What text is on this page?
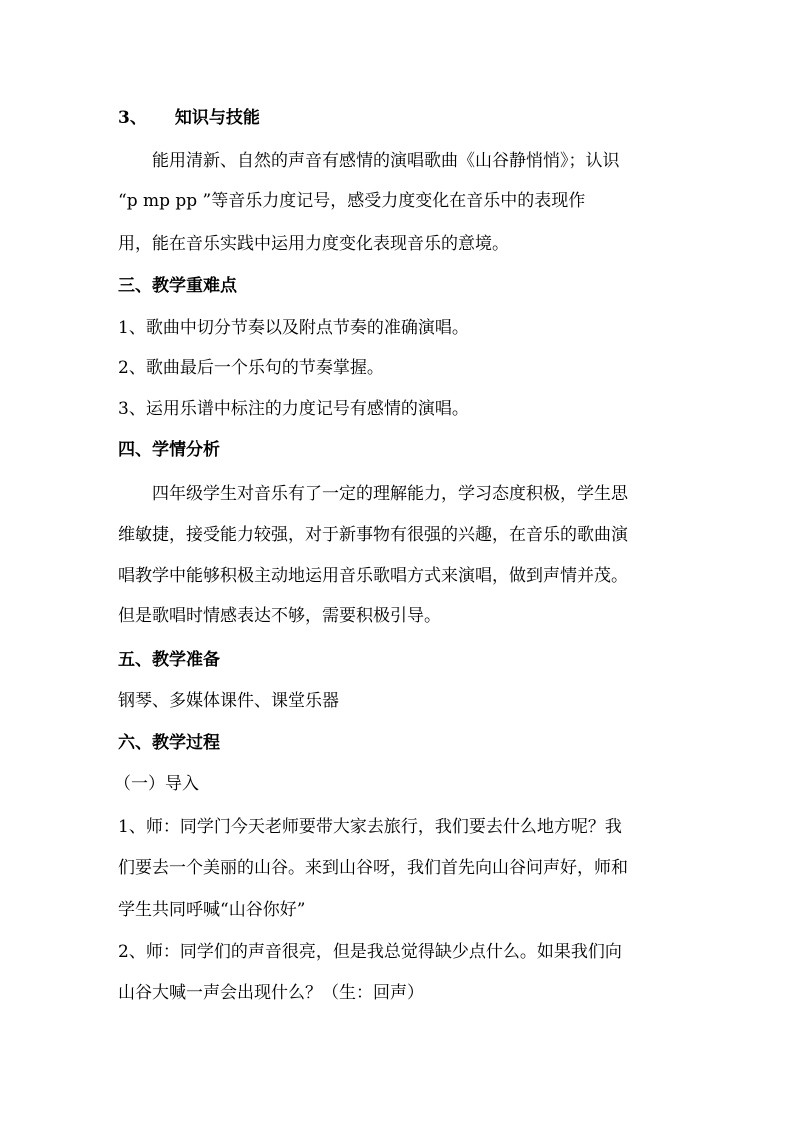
3、 知识与技能
能用清新、自然的声音有感情的演唱歌曲《山谷静悄悄》；认识
“p mp pp ”等音乐力度记号，感受力度变化在音乐中的表现作
用，能在音乐实践中运用力度变化表现音乐的意境。
三、教学重难点
1、歌曲中切分节奏以及附点节奏的准确演唱。
2、歌曲最后一个乐句的节奏掌握。
3、运用乐谱中标注的力度记号有感情的演唱。
四、学情分析
四年级学生对音乐有了一定的理解能力，学习态度积极，学生思
维敏捷，接受能力较强，对于新事物有很强的兴趣，在音乐的歌曲演
唱教学中能够积极主动地运用音乐歌唱方式来演唱，做到声情并茂。
但是歌唱时情感表达不够，需要积极引导。
五、教学准备
钢琴、多媒体课件、课堂乐器
六、教学过程
（一）导入
1、师：同学门今天老师要带大家去旅行，我们要去什么地方呢？我
们要去一个美丽的山谷。来到山谷呀，我们首先向山谷问声好，师和
学生共同呼喊“山谷你好”
2、师：同学们的声音很亮，但是我总觉得缺少点什么。如果我们向
山谷大喊一声会出现什么？（生：回声）
